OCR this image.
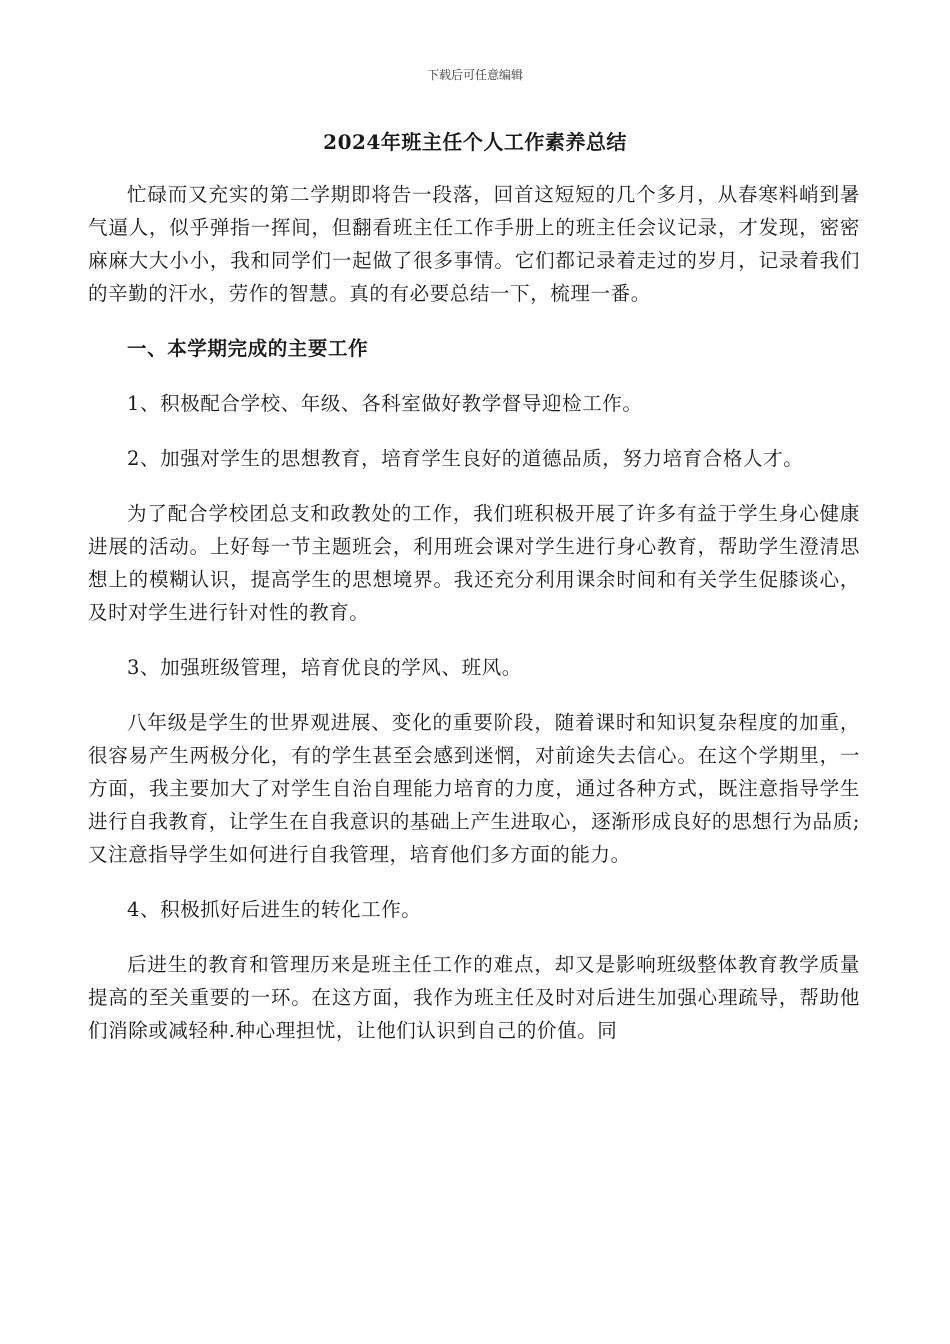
下载后可任意编辑
2024年班主任个人工作素养总结

忙碌而又充实的第二学期即将告一段落，回首这短短的几个多月，从春寒料峭到暑气逼人，似乎弹指一挥间，但翻看班主任工作手册上的班主任会议记录，才发现，密密麻麻大大小小，我和同学们一起做了很多事情。它们都记录着走过的岁月，记录着我们的辛勤的汗水，劳作的智慧。真的有必要总结一下，梳理一番。

一、本学期完成的主要工作

1、积极配合学校、年级、各科室做好教学督导迎检工作。

2、加强对学生的思想教育，培育学生良好的道德品质，努力培育合格人才。

为了配合学校团总支和政教处的工作，我们班积极开展了许多有益于学生身心健康进展的活动。上好每一节主题班会，利用班会课对学生进行身心教育，帮助学生澄清思想上的模糊认识，提高学生的思想境界。我还充分利用课余时间和有关学生促膝谈心，及时对学生进行针对性的教育。

3、加强班级管理，培育优良的学风、班风。

八年级是学生的世界观进展、变化的重要阶段，随着课时和知识复杂程度的加重，很容易产生两极分化，有的学生甚至会感到迷惘，对前途失去信心。在这个学期里，一方面，我主要加大了对学生自治自理能力培育的力度，通过各种方式，既注意指导学生进行自我教育，让学生在自我意识的基础上产生进取心，逐渐形成良好的思想行为品质;又注意指导学生如何进行自我管理，培育他们多方面的能力。

4、积极抓好后进生的转化工作。

后进生的教育和管理历来是班主任工作的难点，却又是影响班级整体教育教学质量提高的至关重要的一环。在这方面，我作为班主任及时对后进生加强心理疏导，帮助他们消除或减轻种.种心理担忧，让他们认识到自己的价值。同
